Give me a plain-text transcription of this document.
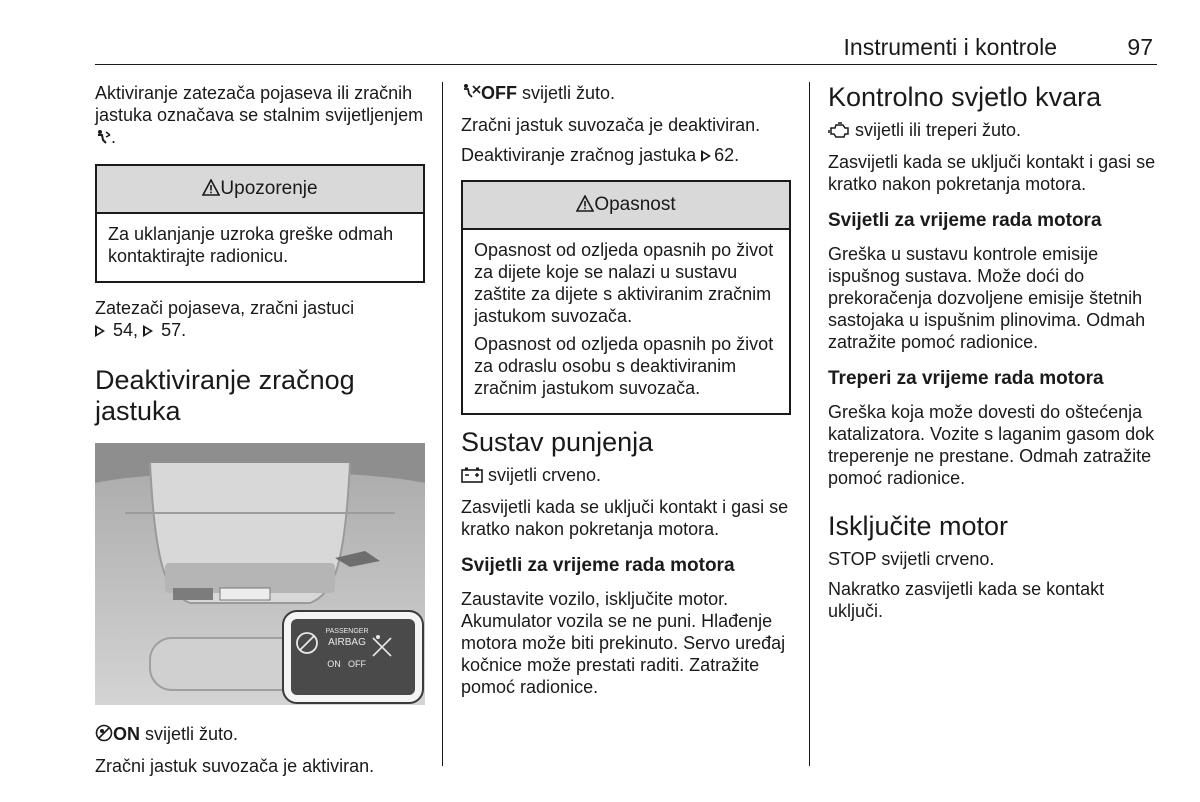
Instrumenti i kontrole	97

Aktiviranje zatezača pojaseva ili zračnih jastuka označava se stalnim svijetljenjem .

Upozorenje

Za uklanjanje uzroka greške odmah kontaktirajte radionicu.

Zatezači pojaseva, zračni jastuci
54, 57.

Deaktiviranje zračnog jastuka
PASSENGER
AIRBAG
ON OFF

ON svijetli žuto.

Zračni jastuk suvozača je aktiviran.

OFF svijetli žuto.

Zračni jastuk suvozača je deaktiviran.

Deaktiviranje zračnog jastuka 62.

Opasnost

Opasnost od ozljeda opasnih po život za dijete koje se nalazi u sustavu zaštite za dijete s aktiviranim zračnim jastukom suvozača.

Opasnost od ozljeda opasnih po život za odraslu osobu s deaktiviranim zračnim jastukom suvozača.

Sustav punjenja

svijetli crveno.

Zasvijetli kada se uključi kontakt i gasi se kratko nakon pokretanja motora.

Svijetli za vrijeme rada motora

Zaustavite vozilo, isključite motor. Akumulator vozila se ne puni. Hlađenje motora može biti prekinuto. Servo uređaj kočnice može prestati raditi. Zatražite pomoć radionice.

Kontrolno svjetlo kvara

svijetli ili treperi žuto.

Zasvijetli kada se uključi kontakt i gasi se kratko nakon pokretanja motora.

Svijetli za vrijeme rada motora

Greška u sustavu kontrole emisije ispušnog sustava. Može doći do prekoračenja dozvoljene emisije štetnih sastojaka u ispušnim plinovima. Odmah zatražite pomoć radionice.

Treperi za vrijeme rada motora

Greška koja može dovesti do oštećenja katalizatora. Vozite s laganim gasom dok treperenje ne prestane. Odmah zatražite pomoć radionice.

Isključite motor

STOP svijetli crveno.

Nakratko zasvijetli kada se kontakt uključi.
